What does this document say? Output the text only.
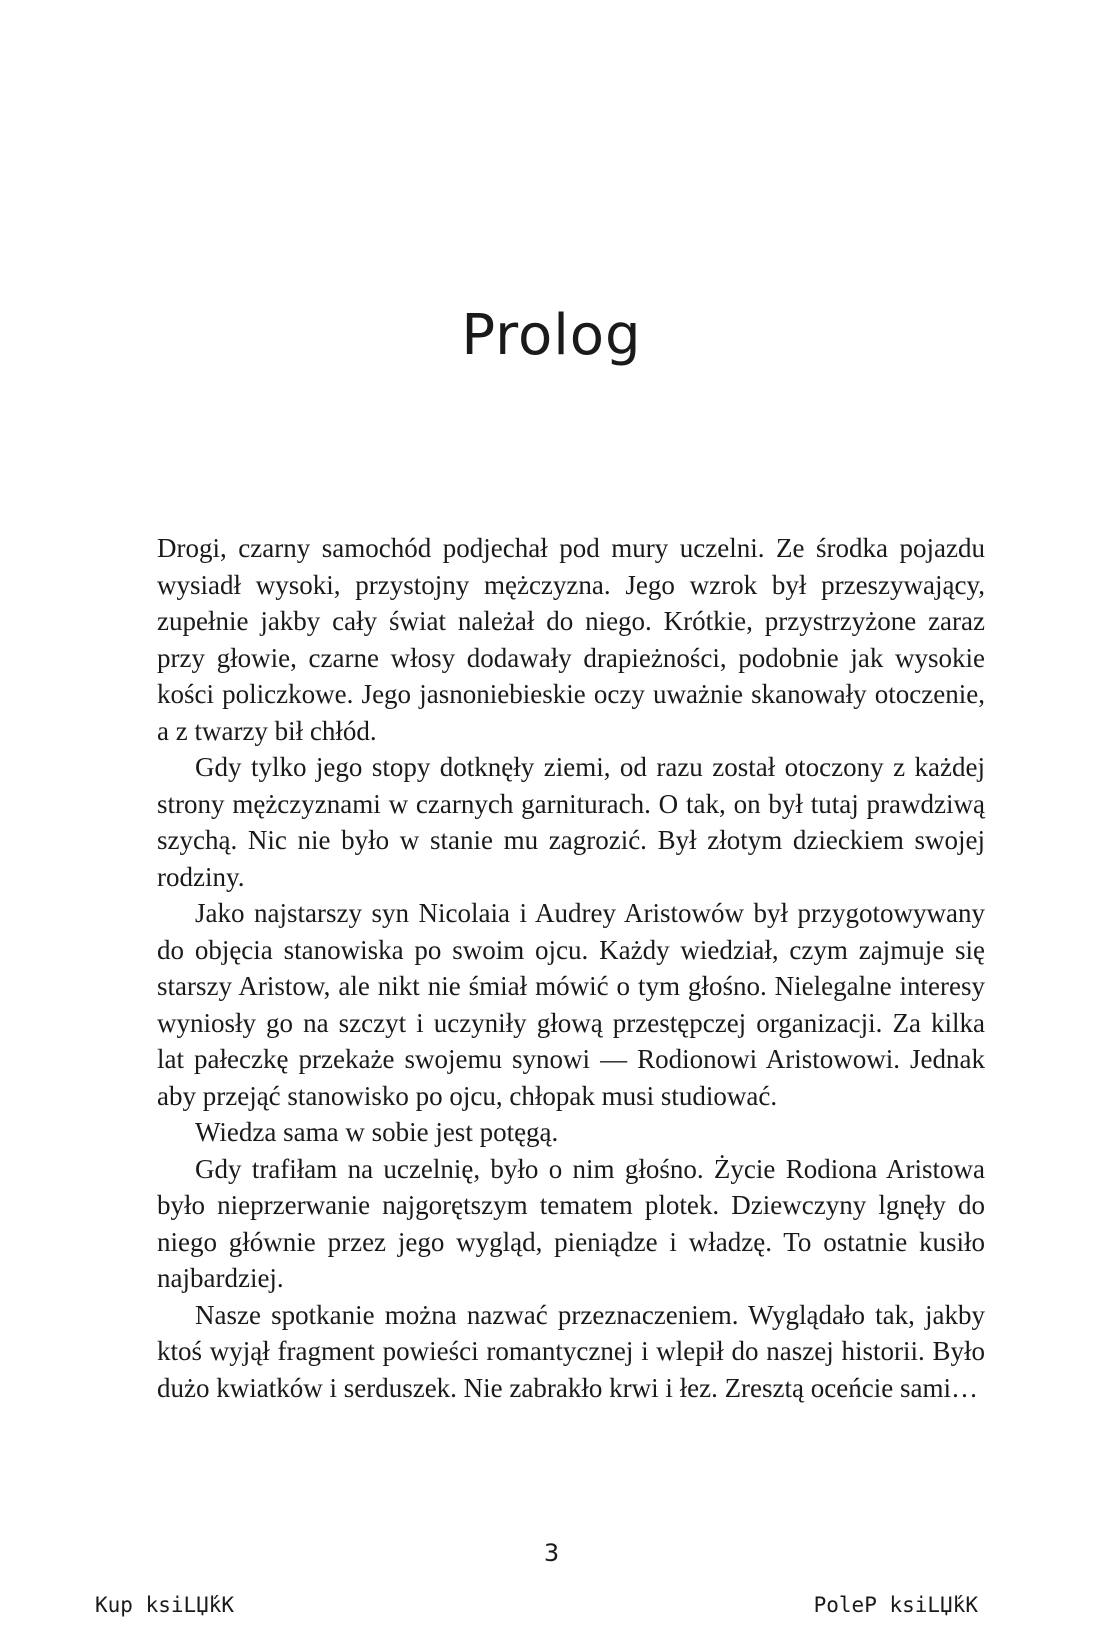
Prolog

Drogi, czarny samochód podjechał pod mury uczelni. Ze środka pojazdu wysiadł wysoki, przystojny mężczyzna. Jego wzrok był przeszywający, zupełnie jakby cały świat należał do niego. Krótkie, przystrzyżone zaraz przy głowie, czarne włosy dodawały drapieżności, podobnie jak wysokie kości policzkowe. Jego jasnoniebieskie oczy uważnie skanowały otoczenie, a z twarzy bił chłód.

Gdy tylko jego stopy dotknęły ziemi, od razu został otoczony z każdej strony mężczyznami w czarnych garniturach. O tak, on był tutaj prawdziwą szychą. Nic nie było w stanie mu zagrozić. Był złotym dzieckiem swojej rodziny.

Jako najstarszy syn Nicolaia i Audrey Aristowów był przygotowywany do objęcia stanowiska po swoim ojcu. Każdy wiedział, czym zajmuje się starszy Aristow, ale nikt nie śmiał mówić o tym głośno. Nielegalne interesy wyniosły go na szczyt i uczyniły głową przestępczej organizacji. Za kilka lat pałeczkę przekaże swojemu synowi — Rodionowi Aristowowi. Jednak aby przejąć stanowisko po ojcu, chłopak musi studiować.

Wiedza sama w sobie jest potęgą.

Gdy trafiłam na uczelnię, było o nim głośno. Życie Rodiona Aristowa było nieprzerwanie najgorętszym tematem plotek. Dziewczyny lgnęły do niego głównie przez jego wygląd, pieniądze i władzę. To ostatnie kusiło najbardziej.

Nasze spotkanie można nazwać przeznaczeniem. Wyglądało tak, jakby ktoś wyjął fragment powieści romantycznej i wlepił do naszej historii. Było dużo kwiatków i serduszek. Nie zabrakło krwi i łez. Zresztą oceńcie sami…

3
Kup ksiLЏ́kK	PoleP ksiLЏ́kK
